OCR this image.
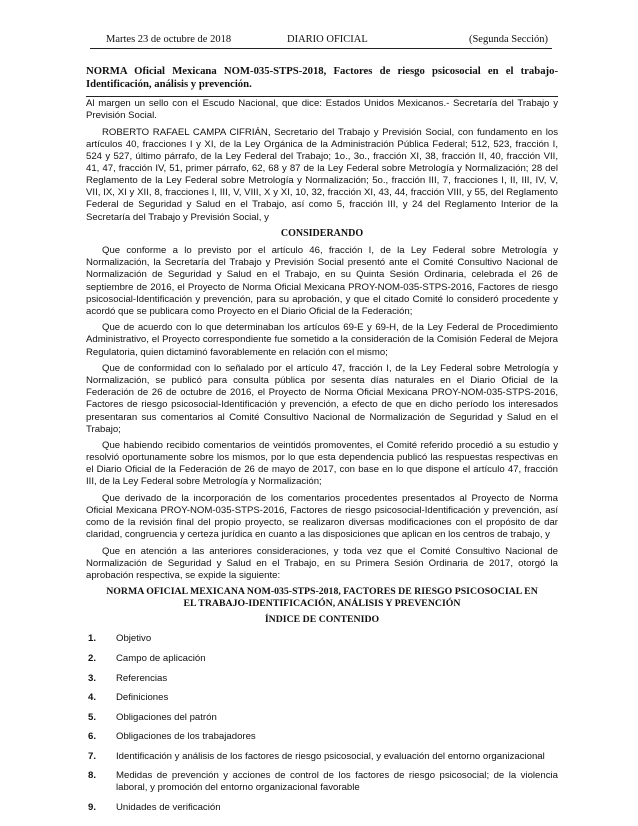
Martes 23 de octubre de 2018	DIARIO OFICIAL	(Segunda Sección)
NORMA Oficial Mexicana NOM-035-STPS-2018, Factores de riesgo psicosocial en el trabajo-Identificación, análisis y prevención.

Al margen un sello con el Escudo Nacional, que dice: Estados Unidos Mexicanos.- Secretaría del Trabajo y Previsión Social.

ROBERTO RAFAEL CAMPA CIFRIÁN, Secretario del Trabajo y Previsión Social, con fundamento en los artículos 40, fracciones I y XI, de la Ley Orgánica de la Administración Pública Federal; 512, 523, fracción I, 524 y 527, último párrafo, de la Ley Federal del Trabajo; 1o., 3o., fracción XI, 38, fracción II, 40, fracción VII, 41, 47, fracción IV, 51, primer párrafo, 62, 68 y 87 de la Ley Federal sobre Metrología y Normalización; 28 del Reglamento de la Ley Federal sobre Metrología y Normalización; 5o., fracción III, 7, fracciones I, II, III, IV, V, VII, IX, XI y XII, 8, fracciones I, III, V, VIII, X y XI, 10, 32, fracción XI, 43, 44, fracción VIII, y 55, del Reglamento Federal de Seguridad y Salud en el Trabajo, así como 5, fracción III, y 24 del Reglamento Interior de la Secretaría del Trabajo y Previsión Social, y

CONSIDERANDO

Que conforme a lo previsto por el artículo 46, fracción I, de la Ley Federal sobre Metrología y Normalización, la Secretaría del Trabajo y Previsión Social presentó ante el Comité Consultivo Nacional de Normalización de Seguridad y Salud en el Trabajo, en su Quinta Sesión Ordinaria, celebrada el 26 de septiembre de 2016, el Proyecto de Norma Oficial Mexicana PROY-NOM-035-STPS-2016, Factores de riesgo psicosocial-Identificación y prevención, para su aprobación, y que el citado Comité lo consideró procedente y acordó que se publicara como Proyecto en el Diario Oficial de la Federación;

Que de acuerdo con lo que determinaban los artículos 69-E y 69-H, de la Ley Federal de Procedimiento Administrativo, el Proyecto correspondiente fue sometido a la consideración de la Comisión Federal de Mejora Regulatoria, quien dictaminó favorablemente en relación con el mismo;

Que de conformidad con lo señalado por el artículo 47, fracción I, de la Ley Federal sobre Metrología y Normalización, se publicó para consulta pública por sesenta días naturales en el Diario Oficial de la Federación de 26 de octubre de 2016, el Proyecto de Norma Oficial Mexicana PROY-NOM-035-STPS-2016, Factores de riesgo psicosocial-Identificación y prevención, a efecto de que en dicho período los interesados presentaran sus comentarios al Comité Consultivo Nacional de Normalización de Seguridad y Salud en el Trabajo;

Que habiendo recibido comentarios de veintidós promoventes, el Comité referido procedió a su estudio y resolvió oportunamente sobre los mismos, por lo que esta dependencia publicó las respuestas respectivas en el Diario Oficial de la Federación de 26 de mayo de 2017, con base en lo que dispone el artículo 47, fracción III, de la Ley Federal sobre Metrología y Normalización;

Que derivado de la incorporación de los comentarios procedentes presentados al Proyecto de Norma Oficial Mexicana PROY-NOM-035-STPS-2016, Factores de riesgo psicosocial-Identificación y prevención, así como de la revisión final del propio proyecto, se realizaron diversas modificaciones con el propósito de dar claridad, congruencia y certeza jurídica en cuanto a las disposiciones que aplican en los centros de trabajo, y

Que en atención a las anteriores consideraciones, y toda vez que el Comité Consultivo Nacional de Normalización de Seguridad y Salud en el Trabajo, en su Primera Sesión Ordinaria de 2017, otorgó la aprobación respectiva, se expide la siguiente:

NORMA OFICIAL MEXICANA NOM-035-STPS-2018, FACTORES DE RIESGO PSICOSOCIAL EN EL TRABAJO-IDENTIFICACIÓN, ANÁLISIS Y PREVENCIÓN
ÍNDICE DE CONTENIDO
1.	Objetivo
2.	Campo de aplicación
3.	Referencias
4.	Definiciones
5.	Obligaciones del patrón
6.	Obligaciones de los trabajadores
7.	Identificación y análisis de los factores de riesgo psicosocial, y evaluación del entorno organizacional
8.	Medidas de prevención y acciones de control de los factores de riesgo psicosocial; de la violencia laboral, y promoción del entorno organizacional favorable
9.	Unidades de verificación
